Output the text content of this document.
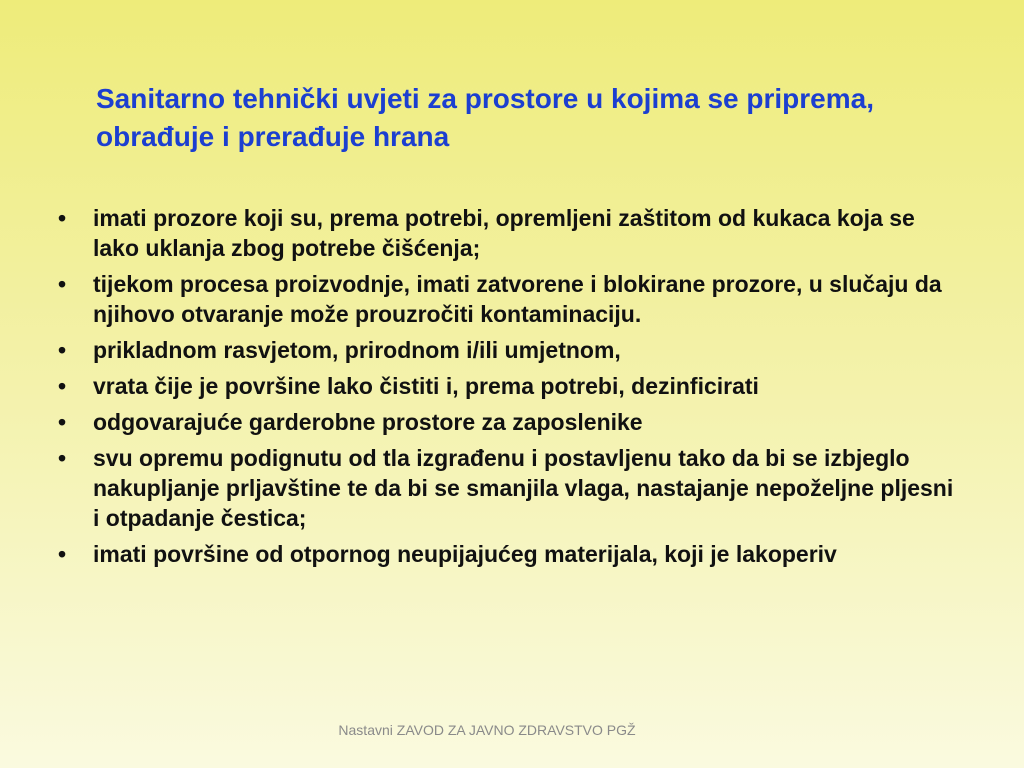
Sanitarno tehnički uvjeti za prostore u kojima se priprema, obrađuje i prerađuje hrana
• imati prozore koji su, prema potrebi, opremljeni zaštitom od kukaca koja se lako uklanja zbog potrebe čišćenja;
• tijekom procesa proizvodnje, imati zatvorene i blokirane prozore, u slučaju da njihovo otvaranje može prouzročiti kontaminaciju.
• prikladnom rasvjetom, prirodnom i/ili umjetnom,
• vrata čije je površine lako čistiti i, prema potrebi, dezinficirati
• odgovarajuće garderobne prostore za zaposlenike
• svu opremu podignutu od tla izgrađenu i postavljenu tako da bi se izbjeglo nakupljanje prljavštine te da bi se smanjila vlaga, nastajanje nepoželjne pljesni i otpadanje čestica;
• imati površine od otpornog neupijajućeg materijala, koji je lakoperiv
Nastavni ZAVOD ZA JAVNO ZDRAVSTVO PGŽ
